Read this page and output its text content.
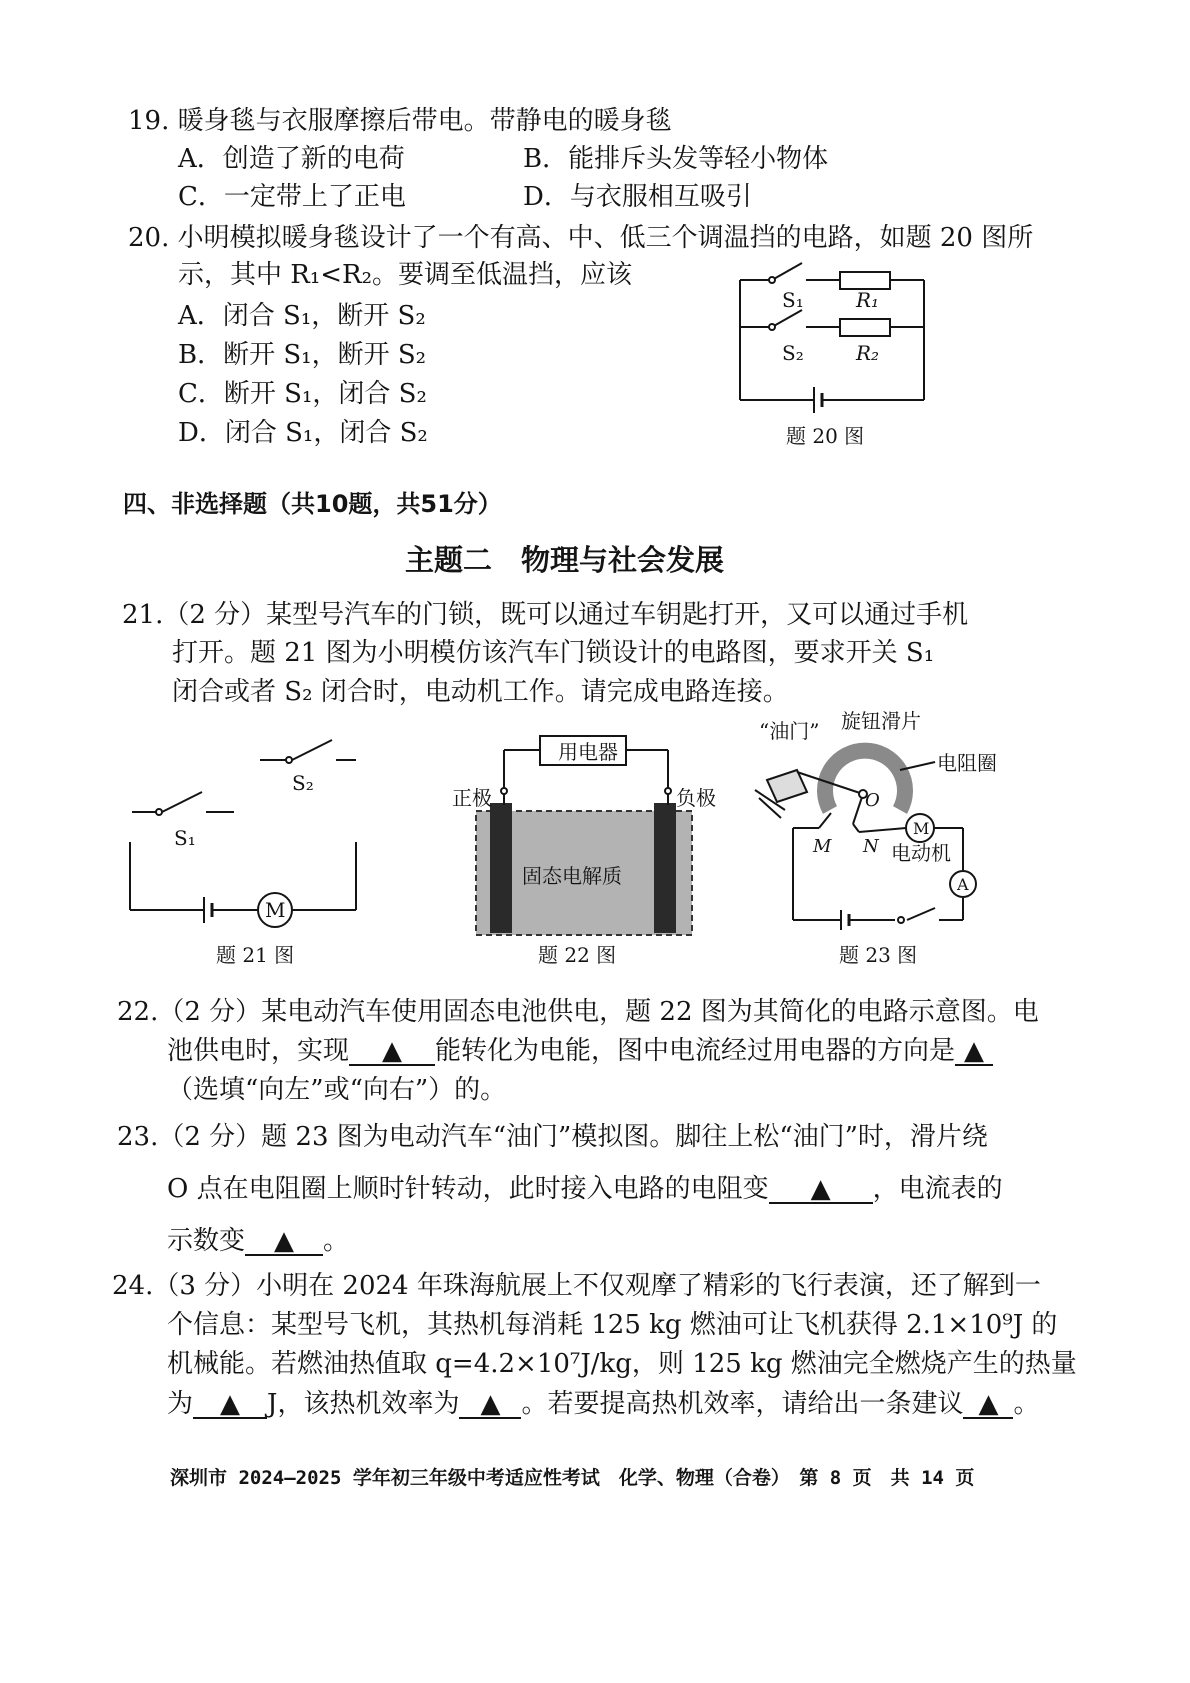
19. 暖身毯与衣服摩擦后带电。带静电的暖身毯
A．创造了新的电荷	B．能排斥头发等轻小物体
C．一定带上了正电	D．与衣服相互吸引
20. 小明模拟暖身毯设计了一个有高、中、低三个调温挡的电路，如题 20 图所
示，其中 R₁<R₂。要调至低温挡，应该
A．闭合 S₁，断开 S₂
B．断开 S₁，断开 S₂
C．断开 S₁，闭合 S₂
D．闭合 S₁，闭合 S₂
S₁	R₁
S₂	R₂
题 20 图
四、非选择题（共10题，共51分）
主题二　物理与社会发展
21.（2 分）某型号汽车的门锁，既可以通过车钥匙打开，又可以通过手机
打开。题 21 图为小明模仿该汽车门锁设计的电路图，要求开关 S₁
闭合或者 S₂ 闭合时，电动机工作。请完成电路连接。
S₂
S₁
M
题 21 图
用电器
正极	负极
固态电解质
题 22 图
“油门” 旋钮滑片
电阻圈
O
M N
M
电动机
A
题 23 图
22.（2 分）某电动汽车使用固态电池供电，题 22 图为其简化的电路示意图。电
池供电时，实现 ▲ 能转化为电能，图中电流经过用电器的方向是 ▲
（选填“向左”或“向右”）的。
23.（2 分）题 23 图为电动汽车“油门”模拟图。脚往上松“油门”时，滑片绕
O 点在电阻圈上顺时针转动，此时接入电路的电阻变 ▲ ，电流表的
示数变 ▲ 。
24.（3 分）小明在 2024 年珠海航展上不仅观摩了精彩的飞行表演，还了解到一
个信息：某型号飞机，其热机每消耗 125 kg 燃油可让飞机获得 2.1×10⁹J 的
机械能。若燃油热值取 q=4.2×10⁷J/kg，则 125 kg 燃油完全燃烧产生的热量
为 ▲ J，该热机效率为 ▲ 。若要提高热机效率，请给出一条建议 ▲ 。
深圳市 2024—2025 学年初三年级中考适应性考试　化学、物理（合卷）　第 8 页　共 14 页
